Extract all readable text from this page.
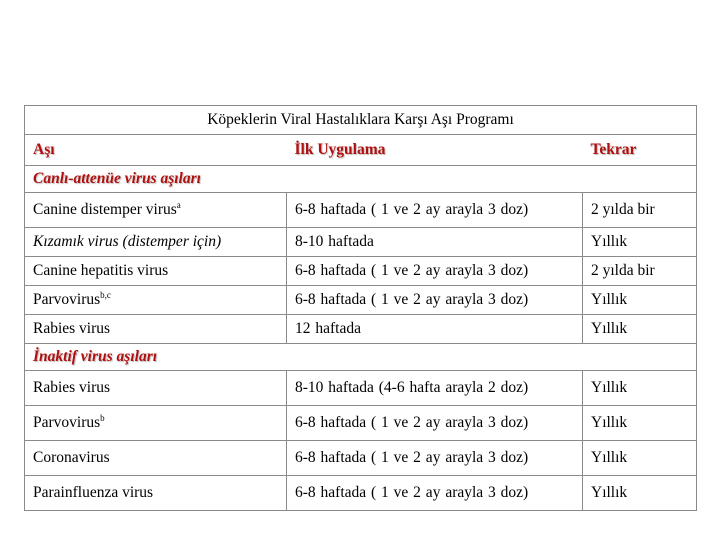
Köpeklerin Viral Hastalıklara Karşı Aşı Programı		
Aşı	İlk Uygulama	Tekrar
Canlı-attenüe virus aşıları		
Canine distemper virus$^a$	6-8 haftada ( 1 ve 2 ay arayla 3 doz)	2 yılda bir
Kızamık virus (distemper için)	8-10 haftada	Yıllık
Canine hepatitis virus	6-8 haftada ( 1 ve 2 ay arayla 3 doz)	2 yılda bir
Parvovirus$^{b,c}$	6-8 haftada ( 1 ve 2 ay arayla 3 doz)	Yıllık
Rabies virus	12 haftada	Yıllık
İnaktif virus aşıları		
Rabies virus	8-10 haftada (4-6 hafta arayla 2 doz)	Yıllık
Parvovirus$^b$	6-8 haftada ( 1 ve 2 ay arayla 3 doz)	Yıllık
Coronavirus	6-8 haftada ( 1 ve 2 ay arayla 3 doz)	Yıllık
Parainfluenza virus	6-8 haftada ( 1 ve 2 ay arayla 3 doz)	Yıllık
